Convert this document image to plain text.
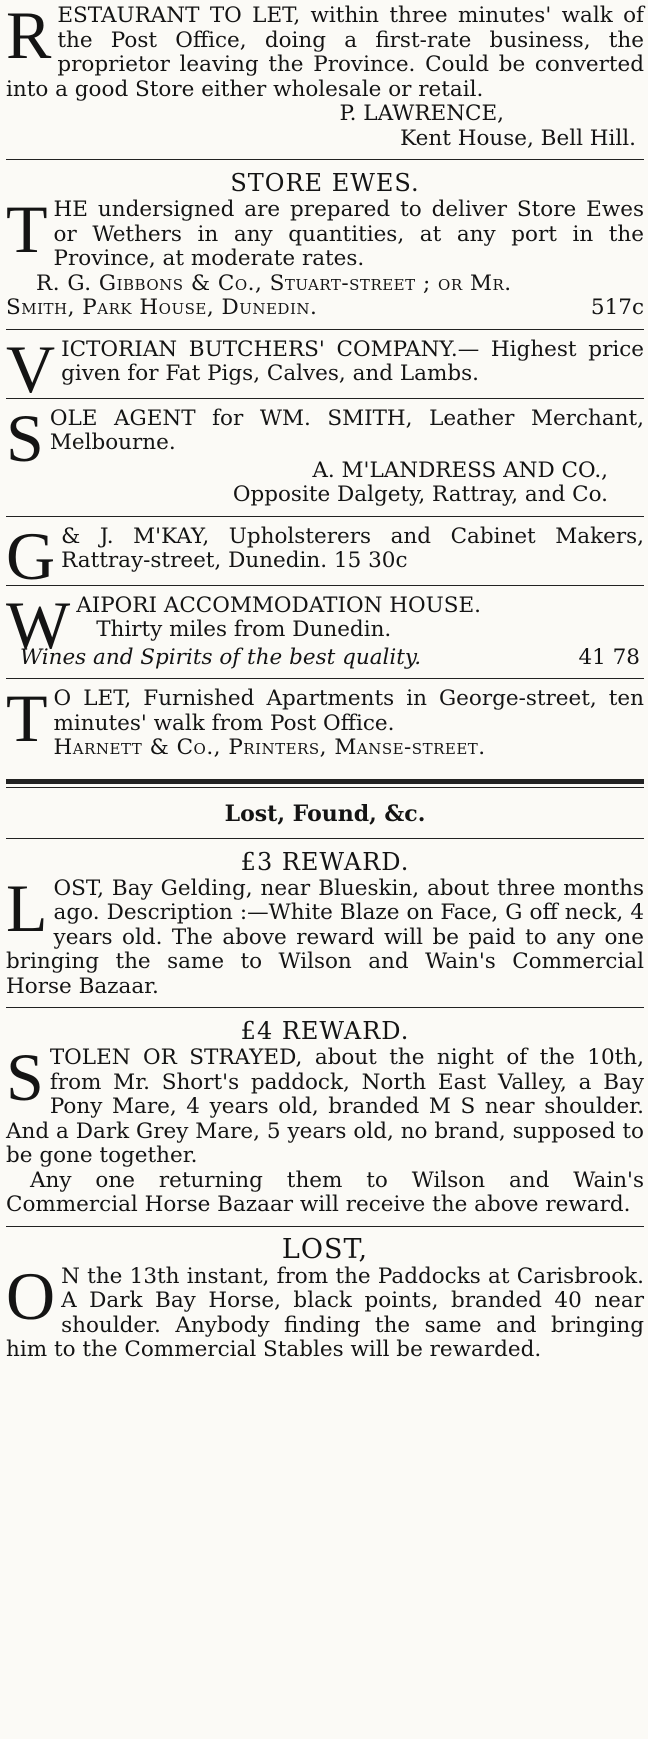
RESTAURANT TO LET, within three minutes' walk of the Post Office, doing a first-rate business, the proprietor leaving the Province. Could be converted into a good Store either wholesale or retail.

P. LAWRENCE,

Kent House, Bell Hill.

STORE EWES.

THE undersigned are prepared to deliver Store Ewes or Wethers in any quantities, at any port in the Province, at moderate rates.

R. G. Gibbons & Co., Stuart-street ; or Mr.

Smith, Park House, Dunedin.	517c

VICTORIAN BUTCHERS' COMPANY.— Highest price given for Fat Pigs, Calves, and Lambs.

SOLE AGENT for WM. SMITH, Leather Merchant, Melbourne.

A. M'LANDRESS AND CO.,

Opposite Dalgety, Rattray, and Co.

G & J. M'KAY, Upholsterers and Cabinet Makers, Rattray-street, Dunedin. 15 30c

WAIPORI ACCOMMODATION HOUSE.
Thirty miles from Dunedin.

Wines and Spirits of the best quality.	41 78

T O LET, Furnished Apartments in George-street, ten minutes' walk from Post Office.

Harnett & Co., Printers, Manse-street.

Lost, Found, &c.

£3 REWARD.

LOST, Bay Gelding, near Blueskin, about three months ago. Description :—White Blaze on Face, G off neck, 4 years old. The above reward will be paid to any one bringing the same to Wilson and Wain's Commercial Horse Bazaar.

£4 REWARD.

STOLEN OR STRAYED, about the night of the 10th, from Mr. Short's paddock, North East Valley, a Bay Pony Mare, 4 years old, branded M S near shoulder. And a Dark Grey Mare, 5 years old, no brand, supposed to be gone together.

Any one returning them to Wilson and Wain's Commercial Horse Bazaar will receive the above reward.

LOST,

O N the 13th instant, from the Paddocks at Carisbrook. A Dark Bay Horse, black points, branded 40 near shoulder. Anybody finding the same and bringing him to the Commercial Stables will be rewarded.
